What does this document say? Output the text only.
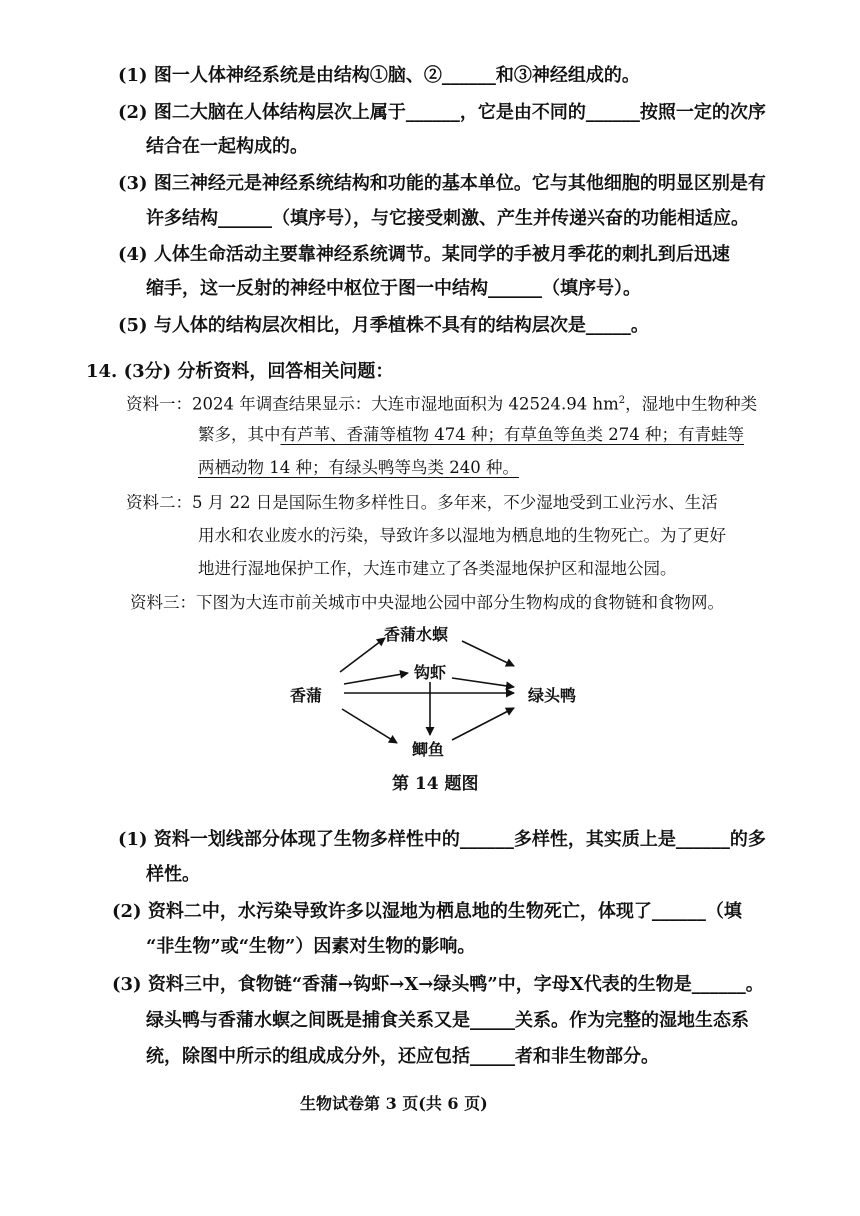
(1) 图一人体神经系统是由结构①脑、②______和③神经组成的。
(2) 图二大脑在人体结构层次上属于______，它是由不同的______按照一定的次序
结合在一起构成的。
(3) 图三神经元是神经系统结构和功能的基本单位。它与其他细胞的明显区别是有
许多结构______（填序号），与它接受刺激、产生并传递兴奋的功能相适应。
(4) 人体生命活动主要靠神经系统调节。某同学的手被月季花的刺扎到后迅速
缩手，这一反射的神经中枢位于图一中结构______（填序号）。
(5) 与人体的结构层次相比，月季植株不具有的结构层次是_____。
14. (3分) 分析资料，回答相关问题：
资料一：2024 年调查结果显示：大连市湿地面积为 42524.94 $hm^2$，湿地中生物种类
繁多，其中有芦苇、香蒲等植物 474 种；有草鱼等鱼类 274 种；有青蛙等
两栖动物 14 种；有绿头鸭等鸟类 240 种。
资料二：5 月 22 日是国际生物多样性日。多年来，不少湿地受到工业污水、生活
用水和农业废水的污染，导致许多以湿地为栖息地的生物死亡。为了更好
地进行湿地保护工作，大连市建立了各类湿地保护区和湿地公园。
资料三：下图为大连市前关城市中央湿地公园中部分生物构成的食物链和食物网。
香蒲水螟
钩虾
香蒲	绿头鸭
鲫鱼
第 14 题图
(1) 资料一划线部分体现了生物多样性中的______多样性，其实质上是______的多
样性。
(2) 资料二中，水污染导致许多以湿地为栖息地的生物死亡，体现了______（填
“非生物”或“生物”）因素对生物的影响。
(3) 资料三中，食物链“香蒲→钩虾→X→绿头鸭”中，字母X代表的生物是______。
绿头鸭与香蒲水螟之间既是捕食关系又是_____关系。作为完整的湿地生态系
统，除图中所示的组成成分外，还应包括_____者和非生物部分。
生物试卷第 3 页(共 6 页)
